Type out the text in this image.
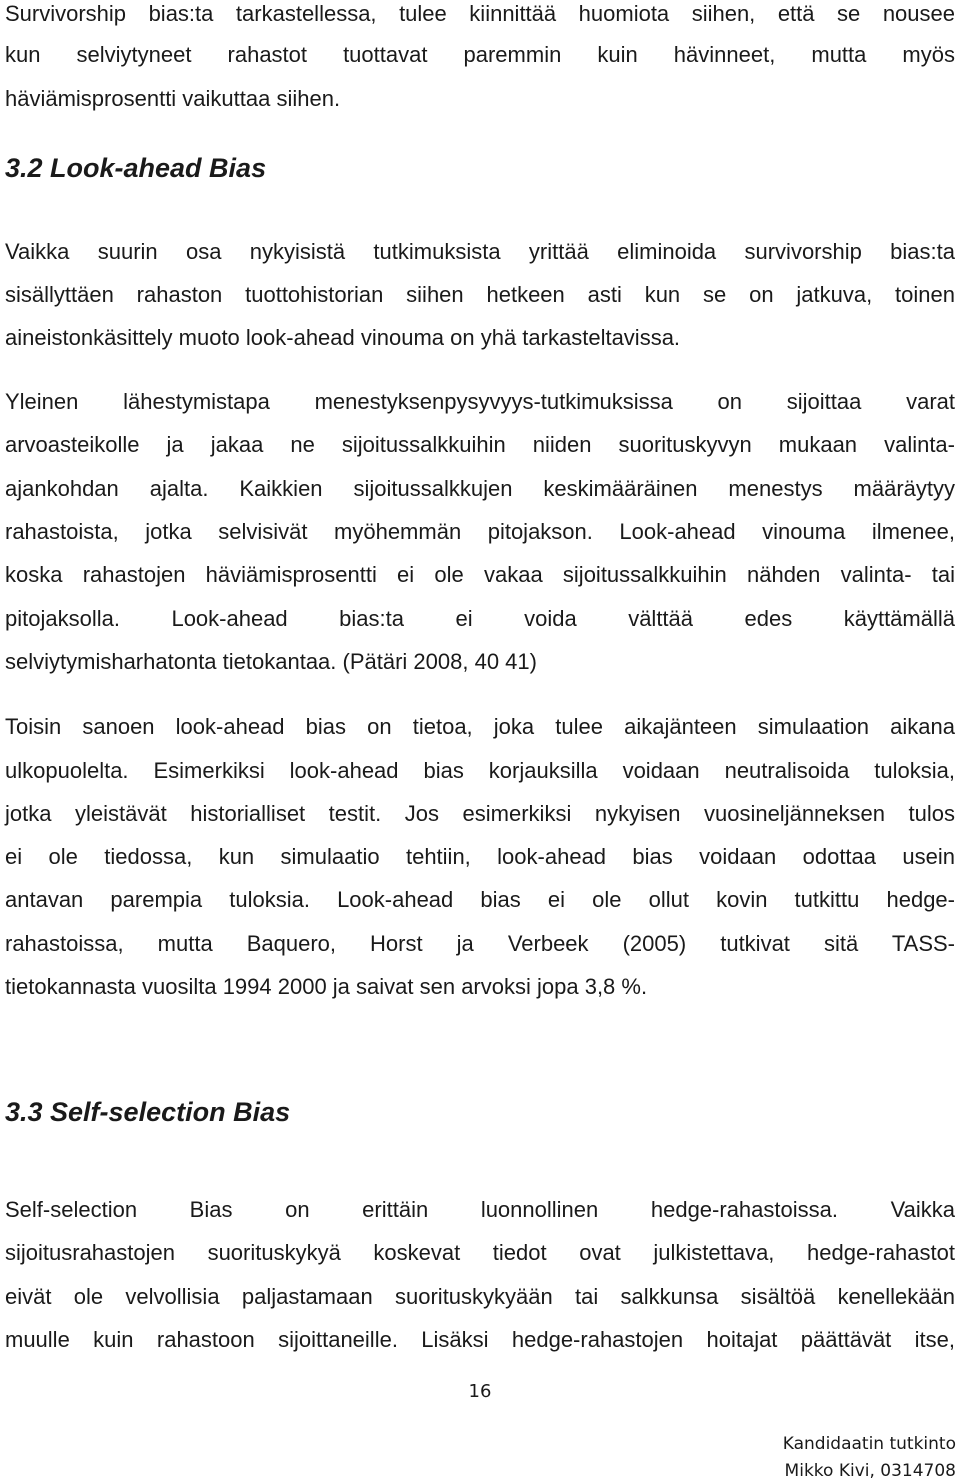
Survivorship bias:ta tarkastellessa, tulee kiinnittää huomiota siihen, että se nousee
kun selviytyneet rahastot tuottavat paremmin kuin hävinneet, mutta myös
häviämisprosentti vaikuttaa siihen.
3.2 Look-ahead Bias
Vaikka suurin osa nykyisistä tutkimuksista yrittää eliminoida survivorship bias:ta
sisällyttäen rahaston tuottohistorian siihen hetkeen asti kun se on jatkuva, toinen
aineistonkäsittely muoto look-ahead vinouma on yhä tarkasteltavissa.
Yleinen lähestymistapa menestyksenpysyvyys-tutkimuksissa on sijoittaa varat
arvoasteikolle ja jakaa ne sijoitussalkkuihin niiden suorituskyvyn mukaan valinta-
ajankohdan ajalta. Kaikkien sijoitussalkkujen keskimääräinen menestys määräytyy
rahastoista, jotka selvisivät myöhemmän pitojakson. Look-ahead vinouma ilmenee,
koska rahastojen häviämisprosentti ei ole vakaa sijoitussalkkuihin nähden valinta- tai
pitojaksolla. Look-ahead bias:ta ei voida välttää edes käyttämällä
selviytymisharhatonta tietokantaa. (Pätäri 2008, 40 41)
Toisin sanoen look-ahead bias on tietoa, joka tulee aikajänteen simulaation aikana
ulkopuolelta. Esimerkiksi look-ahead bias korjauksilla voidaan neutralisoida tuloksia,
jotka yleistävät historialliset testit. Jos esimerkiksi nykyisen vuosineljänneksen tulos
ei ole tiedossa, kun simulaatio tehtiin, look-ahead bias voidaan odottaa usein
antavan parempia tuloksia. Look-ahead bias ei ole ollut kovin tutkittu hedge-
rahastoissa, mutta Baquero, Horst ja Verbeek (2005) tutkivat sitä TASS-
tietokannasta vuosilta 1994 2000 ja saivat sen arvoksi jopa 3,8 %.
3.3 Self-selection Bias
Self-selection Bias on erittäin luonnollinen hedge-rahastoissa. Vaikka
sijoitusrahastojen suorituskykyä koskevat tiedot ovat julkistettava, hedge-rahastot
eivät ole velvollisia paljastamaan suorituskykyään tai salkkunsa sisältöä kenellekään
muulle kuin rahastoon sijoittaneille. Lisäksi hedge-rahastojen hoitajat päättävät itse,
16
Kandidaatin tutkinto
Mikko Kivi, 0314708
